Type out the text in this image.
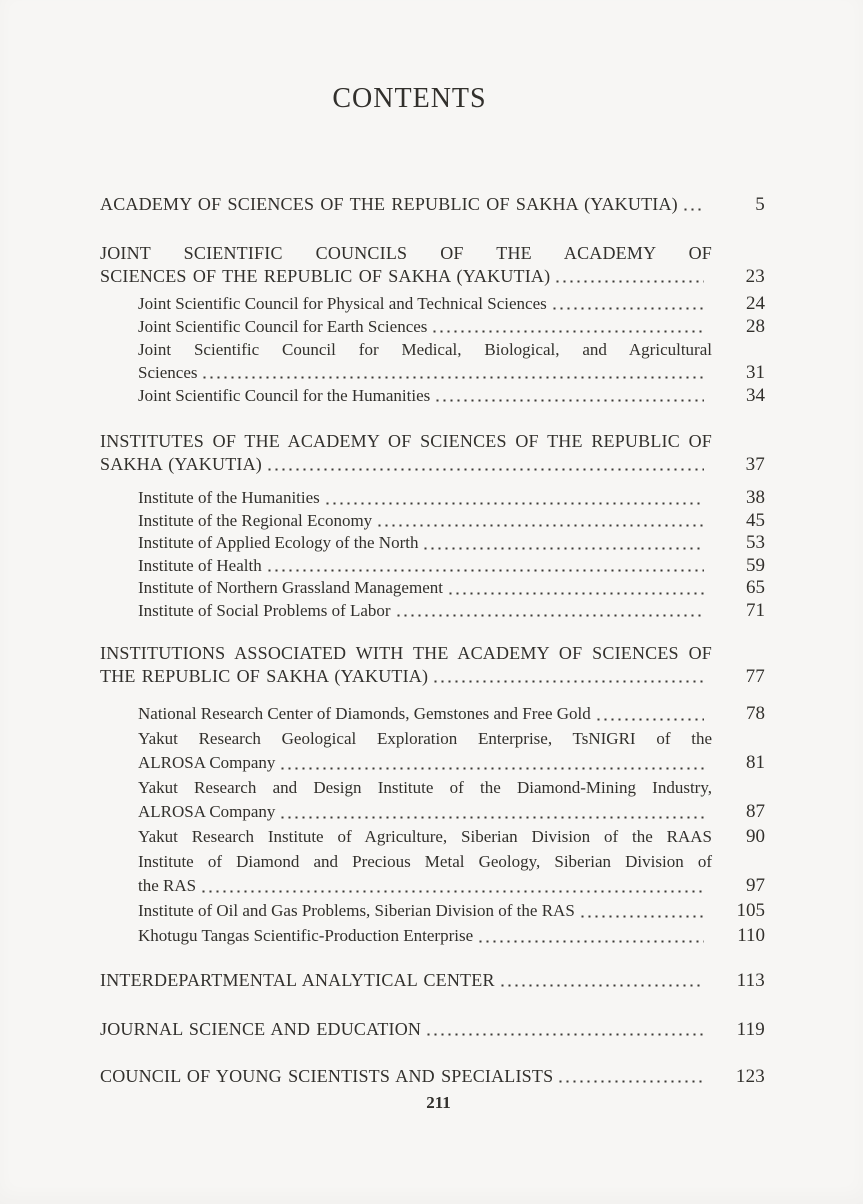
CONTENTS
ACADEMY OF SCIENCES OF THE REPUBLIC OF SAKHA (YAKUTIA)	5
JOINT SCIENTIFIC COUNCILS OF THE ACADEMY OF
SCIENCES OF THE REPUBLIC OF SAKHA (YAKUTIA)	23
Joint Scientific Council for Physical and Technical Sciences	24
Joint Scientific Council for Earth Sciences	28
Joint Scientific Council for Medical, Biological, and Agricultural
Sciences	31
Joint Scientific Council for the Humanities	34
INSTITUTES OF THE ACADEMY OF SCIENCES OF THE REPUBLIC OF
SAKHA (YAKUTIA)	37
Institute of the Humanities	38
Institute of the Regional Economy	45
Institute of Applied Ecology of the North	53
Institute of Health	59
Institute of Northern Grassland Management	65
Institute of Social Problems of Labor	71
INSTITUTIONS ASSOCIATED WITH THE ACADEMY OF SCIENCES OF
THE REPUBLIC OF SAKHA (YAKUTIA)	77
National Research Center of Diamonds, Gemstones and Free Gold	78
Yakut Research Geological Exploration Enterprise, TsNIGRI of the
ALROSA Company	81
Yakut Research and Design Institute of the Diamond-Mining Industry,
ALROSA Company	87
Yakut Research Institute of Agriculture, Siberian Division of the RAAS	90
Institute of Diamond and Precious Metal Geology, Siberian Division of
the RAS	97
Institute of Oil and Gas Problems, Siberian Division of the RAS	105
Khotugu Tangas Scientific-Production Enterprise	110
INTERDEPARTMENTAL ANALYTICAL CENTER	113
JOURNAL SCIENCE AND EDUCATION	119
COUNCIL OF YOUNG SCIENTISTS AND SPECIALISTS	123
211
